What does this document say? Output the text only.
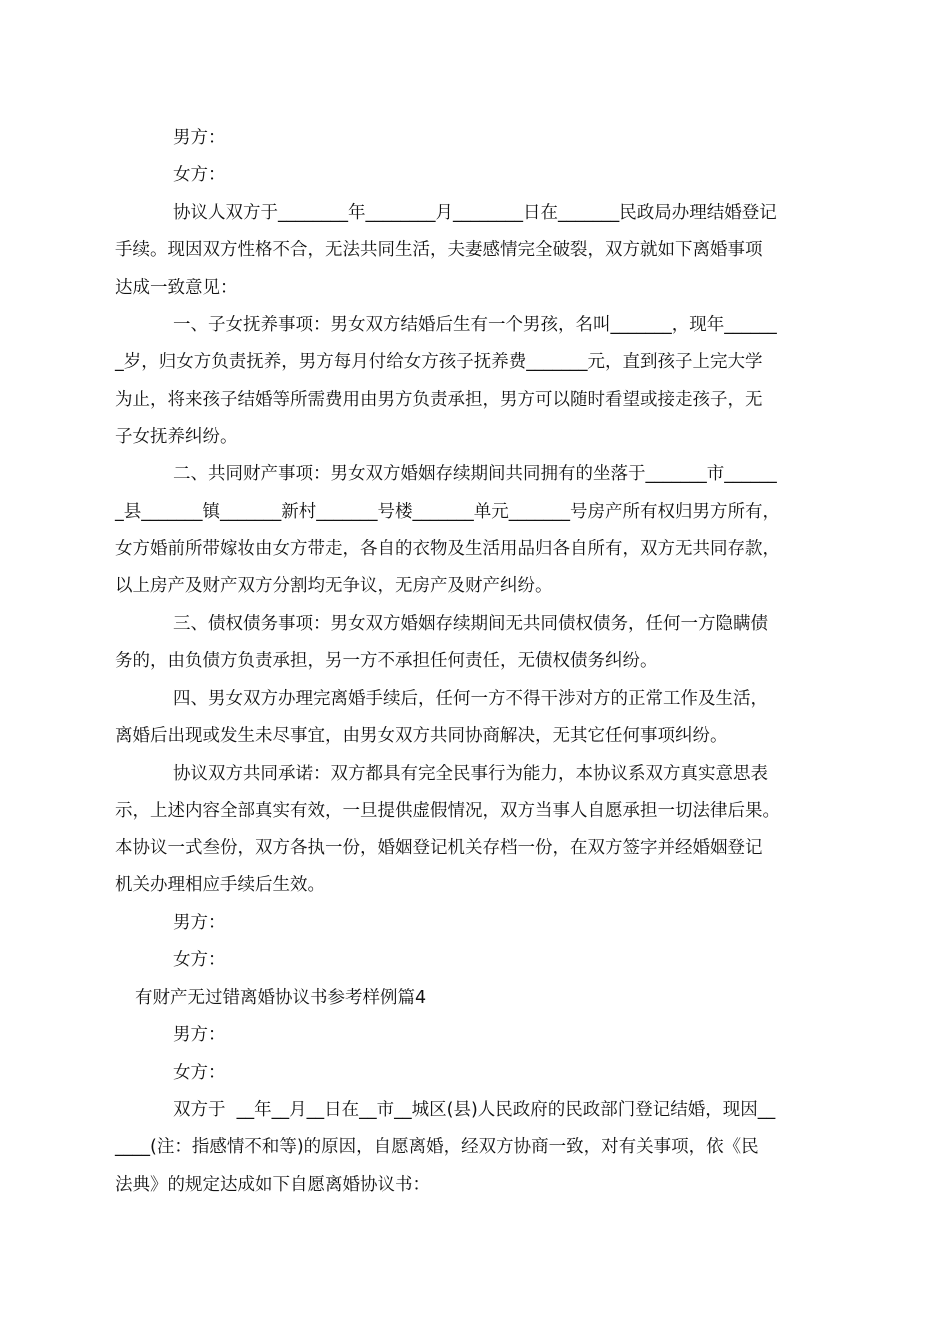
男方：
女方：
协议人双方于________年________月________日在_______民政局办理结婚登记
手续。现因双方性格不合，无法共同生活，夫妻感情完全破裂，双方就如下离婚事项
达成一致意见：
一、子女抚养事项：男女双方结婚后生有一个男孩，名叫_______，现年______
_岁，归女方负责抚养，男方每月付给女方孩子抚养费_______元，直到孩子上完大学
为止，将来孩子结婚等所需费用由男方负责承担，男方可以随时看望或接走孩子，无
子女抚养纠纷。
二、共同财产事项：男女双方婚姻存续期间共同拥有的坐落于_______市______
_县_______镇_______新村_______号楼_______单元_______号房产所有权归男方所有，
女方婚前所带嫁妆由女方带走，各自的衣物及生活用品归各自所有，双方无共同存款，
以上房产及财产双方分割均无争议，无房产及财产纠纷。
三、债权债务事项：男女双方婚姻存续期间无共同债权债务，任何一方隐瞒债
务的，由负债方负责承担，另一方不承担任何责任，无债权债务纠纷。
四、男女双方办理完离婚手续后，任何一方不得干涉对方的正常工作及生活，
离婚后出现或发生未尽事宜，由男女双方共同协商解决，无其它任何事项纠纷。
协议双方共同承诺：双方都具有完全民事行为能力，本协议系双方真实意思表
示，上述内容全部真实有效，一旦提供虚假情况，双方当事人自愿承担一切法律后果。
本协议一式叁份，双方各执一份，婚姻登记机关存档一份，在双方签字并经婚姻登记
机关办理相应手续后生效。
男方：
女方：
有财产无过错离婚协议书参考样例篇4
男方：
女方：
双方于  __年__月__日在__市__城区(县)人民政府的民政部门登记结婚，现因__
____(注：指感情不和等)的原因，自愿离婚，经双方协商一致，对有关事项，依《民
法典》的规定达成如下自愿离婚协议书：
